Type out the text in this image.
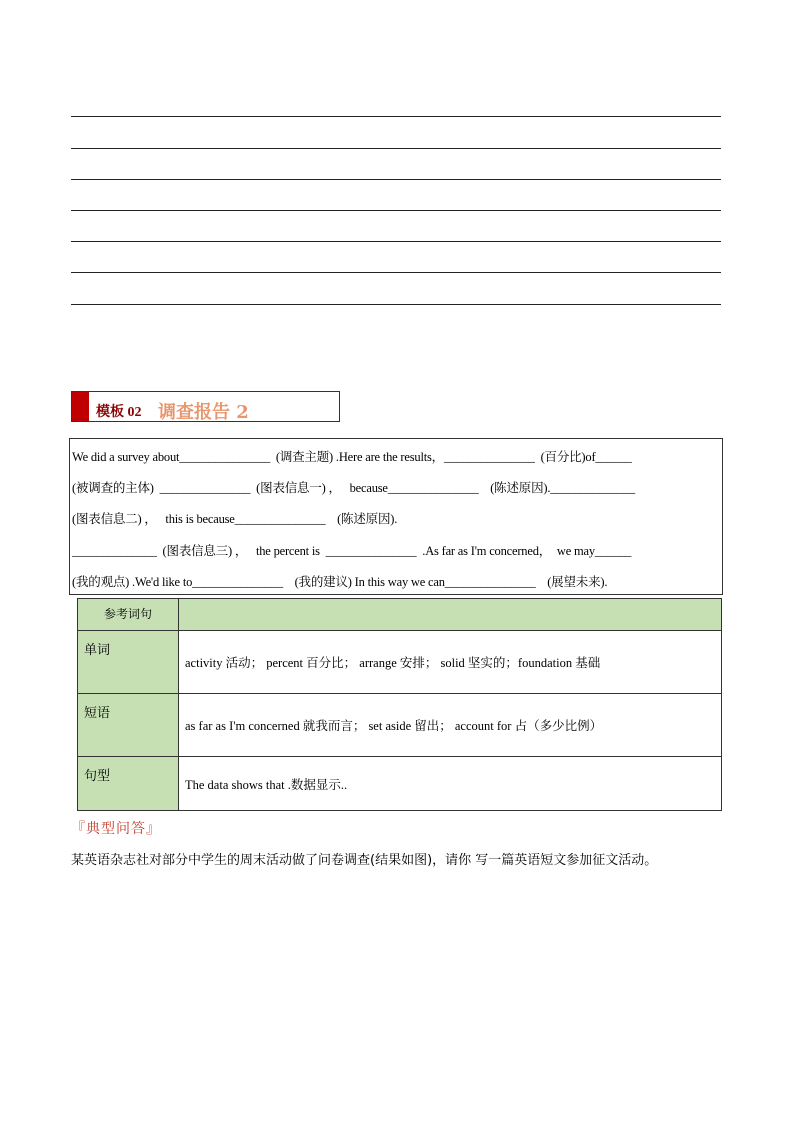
模板 02 调查报告 2
We did a survey about_______________  (调查主题) .Here are the results，_______________  (百分比)of______
(被调查的主体)  _______________  (图表信息一) ，   because_______________    (陈述原因).______________
(图表信息二) ，   this is because_______________    (陈述原因).
______________  (图表信息三) ，   the percent is  _______________  .As far as I'm concerned，  we may______
(我的观点) .We'd like to_______________    (我的建议) In this way we can_______________    (展望未来).
参考词句	
单词	activity 活动； percent 百分比； arrange 安排； solid 坚实的；foundation 基础
短语	as far as I'm concerned 就我而言； set aside 留出； account for 占（多少比例）
句型	The data shows that .数据显示..
『典型问答』
某英语杂志社对部分中学生的周末活动做了问卷调查(结果如图)，请你 写一篇英语短文参加征文活动。
